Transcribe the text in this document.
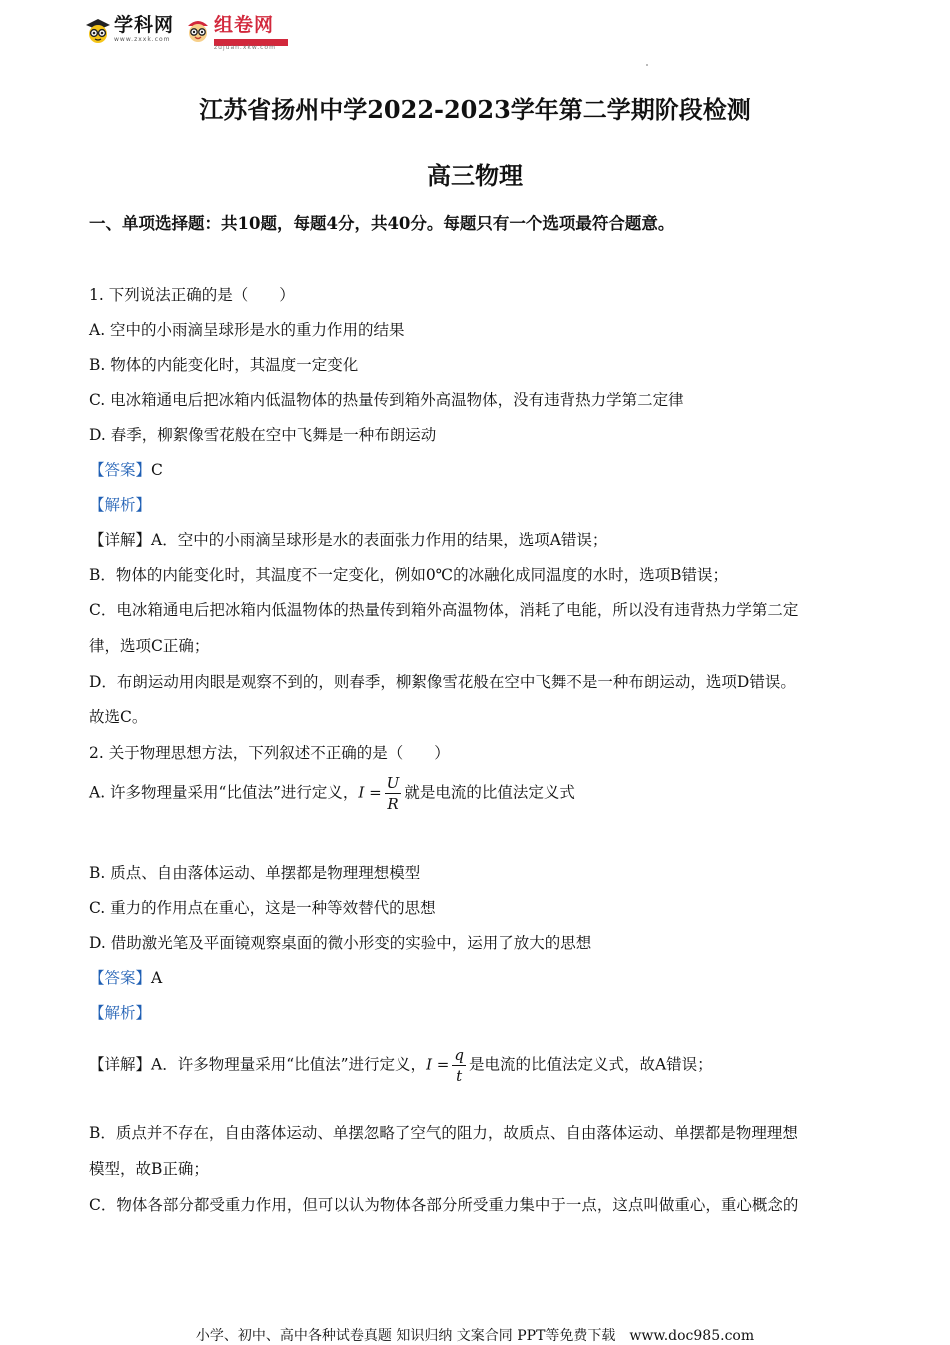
学科网
www.zxxk.com
组卷网
zujuan.xkw.com
江苏省扬州中学2022-2023学年第二学期阶段检测
高三物理
一、单项选择题：共10题，每题4分，共40分。每题只有一个选项最符合题意。
1. 下列说法正确的是（　　）
A. 空中的小雨滴呈球形是水的重力作用的结果
B. 物体的内能变化时，其温度一定变化
C. 电冰箱通电后把冰箱内低温物体的热量传到箱外高温物体，没有违背热力学第二定律
D. 春季，柳絮像雪花般在空中飞舞是一种布朗运动
【答案】C
【解析】
【详解】A．空中的小雨滴呈球形是水的表面张力作用的结果，选项A错误；
B．物体的内能变化时，其温度不一定变化，例如0℃的冰融化成同温度的水时，选项B错误；
C．电冰箱通电后把冰箱内低温物体的热量传到箱外高温物体，消耗了电能，所以没有违背热力学第二定
律，选项C正确；
D．布朗运动用肉眼是观察不到的，则春季，柳絮像雪花般在空中飞舞不是一种布朗运动，选项D错误。
故选C。
2. 关于物理思想方法，下列叙述不正确的是（　　）
A. 许多物理量采用“比值法”进行定义，$I = \frac{U}{R}$ 就是电流的比值法定义式
B. 质点、自由落体运动、单摆都是物理理想模型
C. 重力的作用点在重心，这是一种等效替代的思想
D. 借助激光笔及平面镜观察桌面的微小形变的实验中，运用了放大的思想
【答案】A
【解析】
【详解】A．许多物理量采用“比值法”进行定义，$I = \frac{q}{t}$ 是电流的比值法定义式，故A错误；
B．质点并不存在，自由落体运动、单摆忽略了空气的阻力，故质点、自由落体运动、单摆都是物理理想
模型，故B正确；
C．物体各部分都受重力作用，但可以认为物体各部分所受重力集中于一点，这点叫做重心，重心概念的
小学、初中、高中各种试卷真题 知识归纳 文案合同 PPT等免费下载 www.doc985.com
